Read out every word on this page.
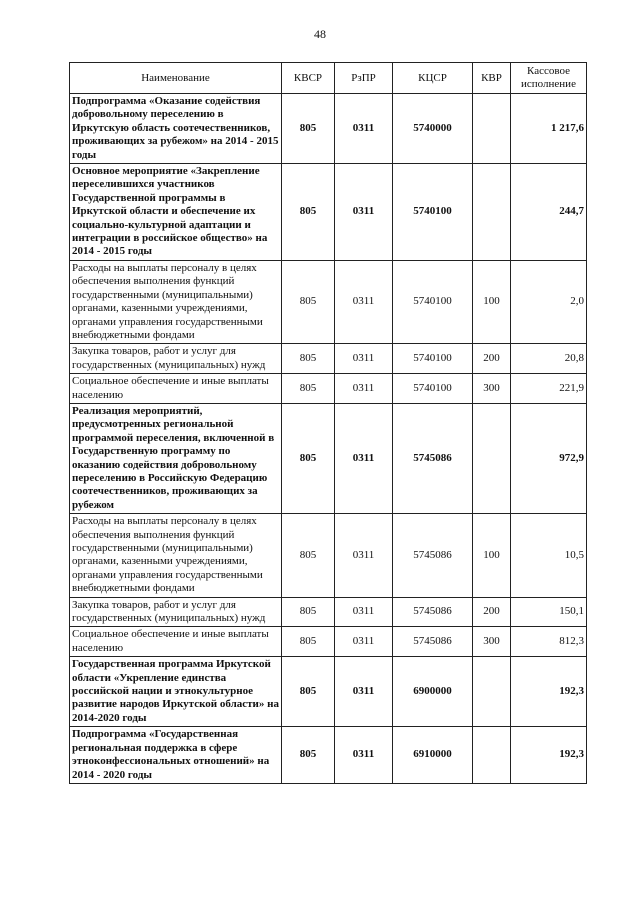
48
Наименование	КВСР	РзПР	КЦСР	КВР	Кассовое исполнение
Подпрограмма «Оказание содействия добровольному переселению в Иркутскую область соотечественников, проживающих за рубежом» на 2014 - 2015 годы	805	0311	5740000		1 217,6
Основное мероприятие «Закрепление переселившихся участников Государственной программы в Иркутской области и обеспечение их социально-культурной адаптации и интеграции в российское общество» на 2014 - 2015 годы	805	0311	5740100		244,7
Расходы на выплаты персоналу в целях обеспечения выполнения функций государственными (муниципальными) органами, казенными учреждениями, органами управления государственными внебюджетными фондами	805	0311	5740100	100	2,0
Закупка товаров, работ и услуг для государственных (муниципальных) нужд	805	0311	5740100	200	20,8
Социальное обеспечение и иные выплаты населению	805	0311	5740100	300	221,9
Реализация мероприятий, предусмотренных региональной программой переселения, включенной в Государственную программу по оказанию содействия добровольному переселению в Российскую Федерацию соотечественников, проживающих за рубежом	805	0311	5745086		972,9
Расходы на выплаты персоналу в целях обеспечения выполнения функций государственными (муниципальными) органами, казенными учреждениями, органами управления государственными внебюджетными фондами	805	0311	5745086	100	10,5
Закупка товаров, работ и услуг для государственных (муниципальных) нужд	805	0311	5745086	200	150,1
Социальное обеспечение и иные выплаты населению	805	0311	5745086	300	812,3
Государственная программа Иркутской области «Укрепление единства российской нации и этнокультурное развитие народов Иркутской области» на 2014-2020 годы	805	0311	6900000		192,3
Подпрограмма «Государственная региональная поддержка в сфере этноконфессиональных отношений» на 2014 - 2020 годы	805	0311	6910000		192,3
